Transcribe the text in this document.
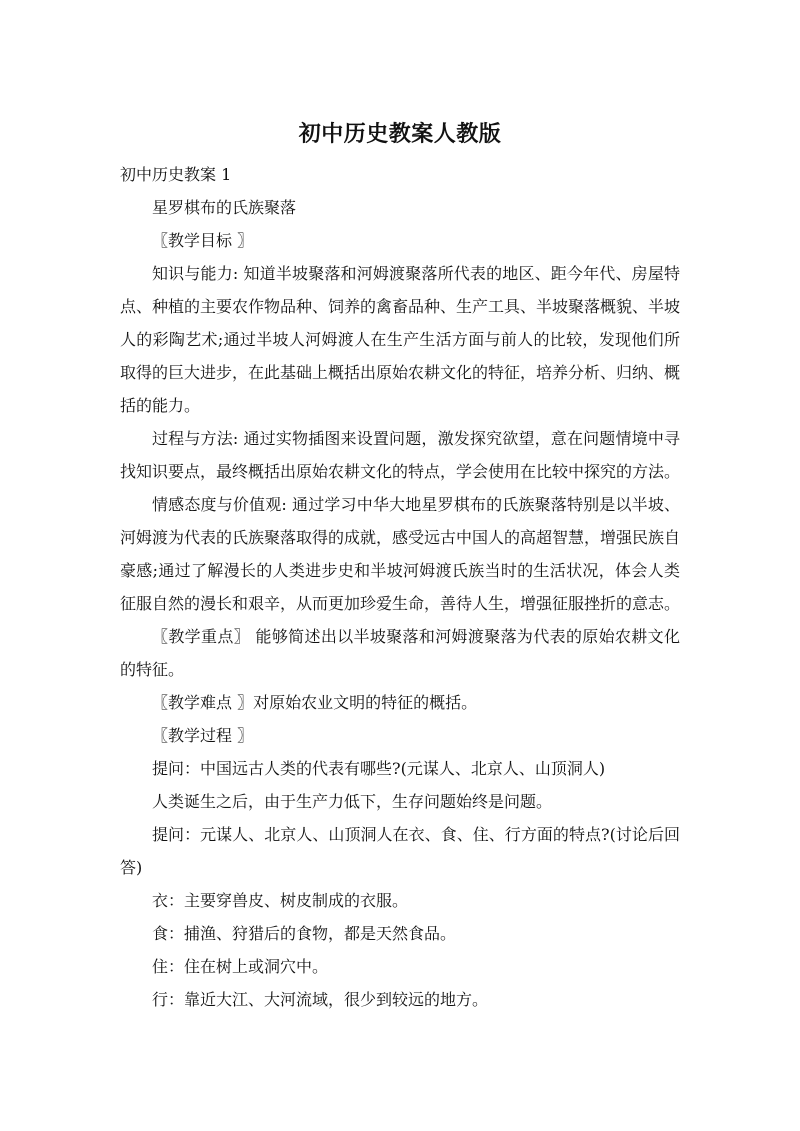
初中历史教案人教版

初中历史教案 1

星罗棋布的氏族聚落

〖教学目标 〗

知识与能力: 知道半坡聚落和河姆渡聚落所代表的地区、距今年代、房屋特点、种植的主要农作物品种、饲养的禽畜品种、生产工具、半坡聚落概貌、半坡人的彩陶艺术;通过半坡人河姆渡人在生产生活方面与前人的比较，发现他们所取得的巨大进步，在此基础上概括出原始农耕文化的特征，培养分析、归纳、概括的能力。

过程与方法: 通过实物插图来设置问题，激发探究欲望，意在问题情境中寻找知识要点，最终概括出原始农耕文化的特点，学会使用在比较中探究的方法。

情感态度与价值观: 通过学习中华大地星罗棋布的氏族聚落特别是以半坡、河姆渡为代表的氏族聚落取得的成就，感受远古中国人的高超智慧，增强民族自豪感;通过了解漫长的人类进步史和半坡河姆渡氏族当时的生活状况，体会人类征服自然的漫长和艰辛，从而更加珍爱生命，善待人生，增强征服挫折的意志。

〖教学重点〗 能够简述出以半坡聚落和河姆渡聚落为代表的原始农耕文化的特征。

〖教学难点 〗对原始农业文明的特征的概括。

〖教学过程 〗

提问：中国远古人类的代表有哪些?(元谋人、北京人、山顶洞人)

人类诞生之后，由于生产力低下，生存问题始终是问题。

提问：元谋人、北京人、山顶洞人在衣、食、住、行方面的特点?(讨论后回答)

衣：主要穿兽皮、树皮制成的衣服。

食：捕渔、狩猎后的食物，都是天然食品。

住：住在树上或洞穴中。

行：靠近大江、大河流域，很少到较远的地方。
